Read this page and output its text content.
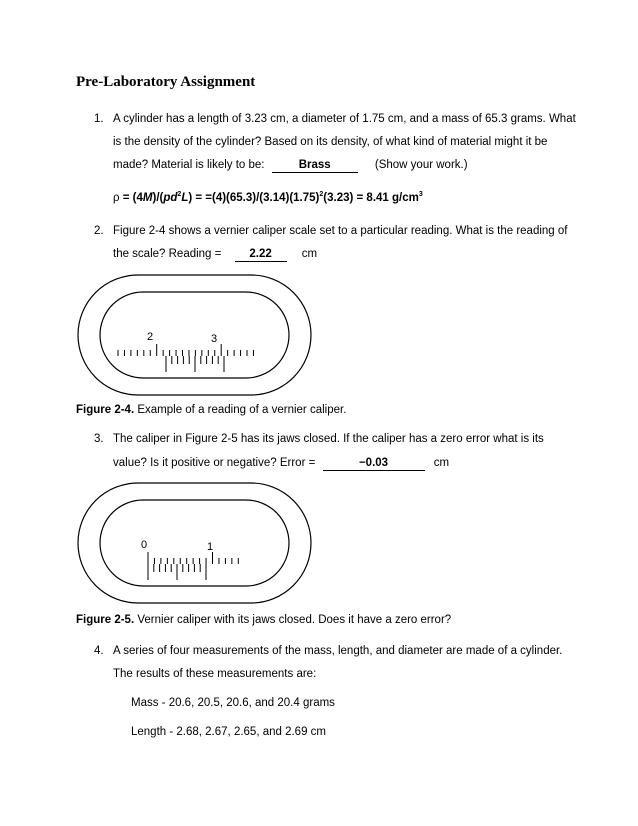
Pre-Laboratory Assignment
1. A cylinder has a length of 3.23 cm, a diameter of 1.75 cm, and a mass of 65.3 grams. What
is the density of the cylinder? Based on its density, of what kind of material might it be
made? Material is likely to be:	Brass	(Show your work.)
$\rho = (4M)/(pd^2L) = =(4)(65.3)/(3.14)(1.75)^2(3.23) = 8.41$ $g/cm^3$
2. Figure 2-4 shows a vernier caliper scale set to a particular reading. What is the reading of
the scale? Reading = 2.22	cm
2	3
Figure 2-4. Example of a reading of a vernier caliper.
3. The caliper in Figure 2-5 has its jaws closed. If the caliper has a zero error what is its
value? Is it positive or negative? Error =	−0.03	cm
0	1
Figure 2-5. Vernier caliper with its jaws closed. Does it have a zero error?
4. A series of four measurements of the mass, length, and diameter are made of a cylinder.
The results of these measurements are:
Mass - 20.6, 20.5, 20.6, and 20.4 grams
Length - 2.68, 2.67, 2.65, and 2.69 cm
